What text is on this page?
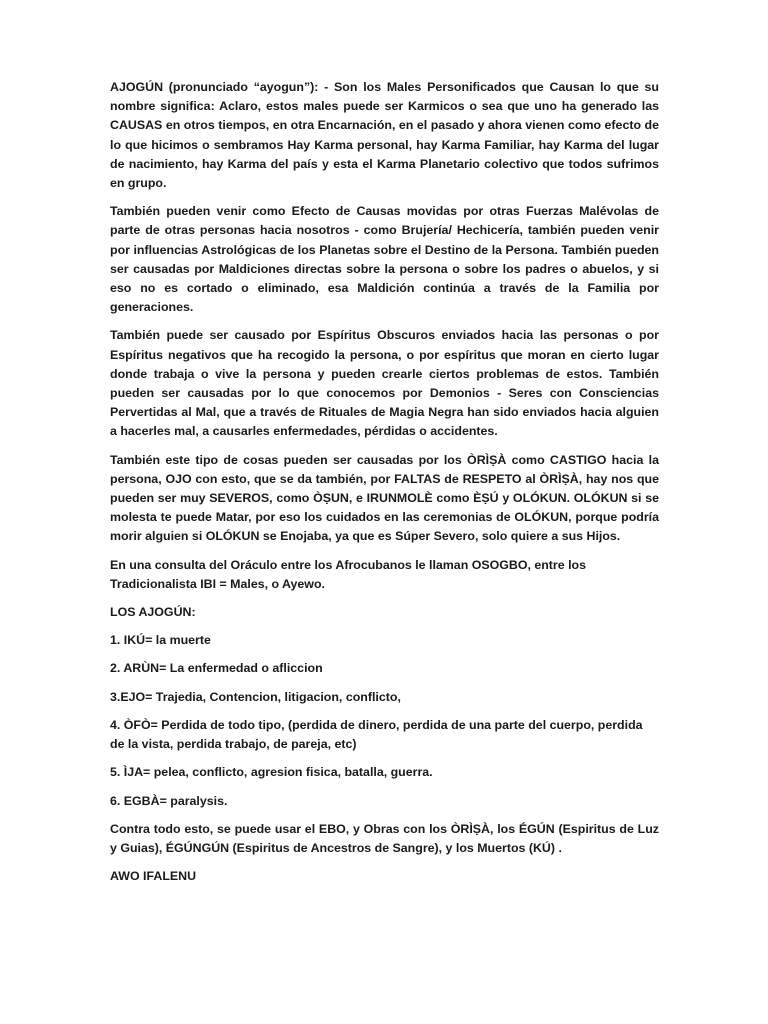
AJOGÚN (pronunciado “ayogun”): - Son los Males Personificados que Causan lo que su nombre significa: Aclaro, estos males puede ser Karmicos o sea que uno ha generado las CAUSAS en otros tiempos, en otra Encarnación, en el pasado y ahora vienen como efecto de lo que hicimos o sembramos Hay Karma personal, hay Karma Familiar, hay Karma del lugar de nacimiento, hay Karma del país y esta el Karma Planetario colectivo que todos sufrimos en grupo.

También pueden venir como Efecto de Causas movidas por otras Fuerzas Malévolas de parte de otras personas hacia nosotros - como Brujería/ Hechicería, también pueden venir por influencias Astrológicas de los Planetas sobre el Destino de la Persona. También pueden ser causadas por Maldiciones directas sobre la persona o sobre los padres o abuelos, y si eso no es cortado o eliminado, esa Maldición continúa a través de la Familia por generaciones.

También puede ser causado por Espíritus Obscuros enviados hacia las personas o por Espíritus negativos que ha recogido la persona, o por espíritus que moran en cierto lugar donde trabaja o vive la persona y pueden crearle ciertos problemas de estos. También pueden ser causadas por lo que conocemos por Demonios - Seres con Consciencias Pervertidas al Mal, que a través de Rituales de Magia Negra han sido enviados hacia alguien a hacerles mal, a causarles enfermedades, pérdidas o accidentes.

También este tipo de cosas pueden ser causadas por los ÒRÌṢÀ como CASTIGO hacia la persona, OJO con esto, que se da también, por FALTAS de RESPETO al ÒRÌṢÀ, hay nos que pueden ser muy SEVEROS, como ÒṢUN, e IRUNMOLÈ como ÈṢÚ y OLÓKUN. OLÓKUN si se molesta te puede Matar, por eso los cuidados en las ceremonias de OLÓKUN, porque podría morir alguien si OLÓKUN se Enojaba, ya que es Súper Severo, solo quiere a sus Hijos.

En una consulta del Oráculo entre los Afrocubanos le llaman OSOGBO, entre los Tradicionalista IBI = Males, o Ayewo.

LOS AJOGÚN:

1. IKÚ= la muerte

2. ARÙN= La enfermedad o afliccion

3.EJO= Trajedia, Contencion, litigacion, conflicto,

4. ÒFÒ= Perdida de todo tipo, (perdida de dinero, perdida de una parte del cuerpo, perdida de la vista, perdida trabajo, de pareja, etc)

5. ÌJA= pelea, conflicto, agresion fisica, batalla, guerra.

6. EGBÀ= paralysis.

Contra todo esto, se puede usar el EBO, y Obras con los ÒRÌṢÀ, los ÉGÚN (Espiritus de Luz y Guias), ÉGÚNGÚN (Espiritus de Ancestros de Sangre), y los Muertos (KÚ) .

AWO IFALENU
